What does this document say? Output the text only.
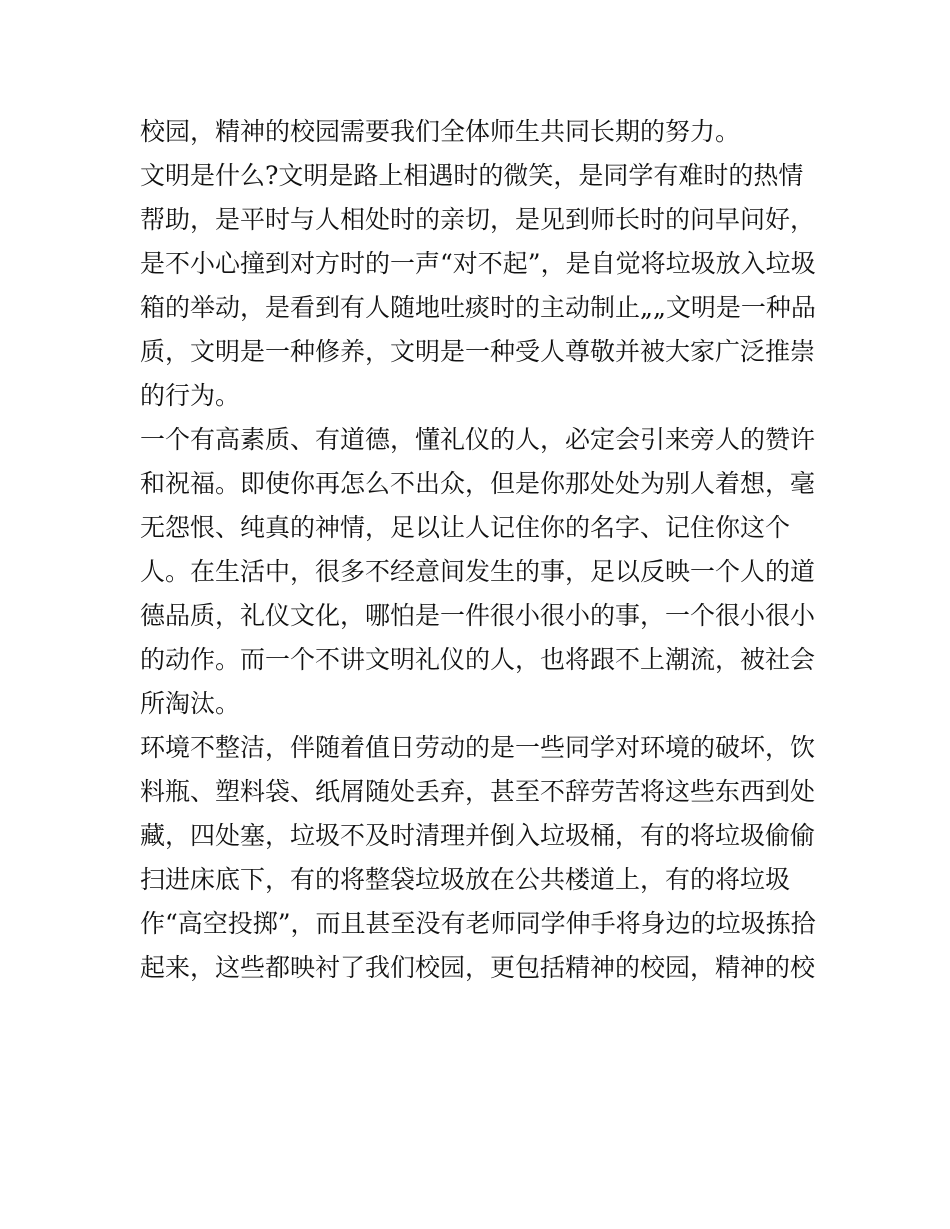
校园，精神的校园需要我们全体师生共同长期的努力。
文明是什么?文明是路上相遇时的微笑，是同学有难时的热情
帮助，是平时与人相处时的亲切，是见到师长时的问早问好，
是不小心撞到对方时的一声“对不起”，是自觉将垃圾放入垃圾
箱的举动，是看到有人随地吐痰时的主动制止„„文明是一种品
质，文明是一种修养，文明是一种受人尊敬并被大家广泛推崇
的行为。
一个有高素质、有道德，懂礼仪的人，必定会引来旁人的赞许
和祝福。即使你再怎么不出众，但是你那处处为别人着想，毫
无怨恨、纯真的神情，足以让人记住你的名字、记住你这个
人。在生活中，很多不经意间发生的事，足以反映一个人的道
德品质，礼仪文化，哪怕是一件很小很小的事，一个很小很小
的动作。而一个不讲文明礼仪的人，也将跟不上潮流，被社会
所淘汰。
环境不整洁，伴随着值日劳动的是一些同学对环境的破坏，饮
料瓶、塑料袋、纸屑随处丢弃，甚至不辞劳苦将这些东西到处
藏，四处塞，垃圾不及时清理并倒入垃圾桶，有的将垃圾偷偷
扫进床底下，有的将整袋垃圾放在公共楼道上，有的将垃圾
作“高空投掷”，而且甚至没有老师同学伸手将身边的垃圾拣拾
起来，这些都映衬了我们校园，更包括精神的校园，精神的校
